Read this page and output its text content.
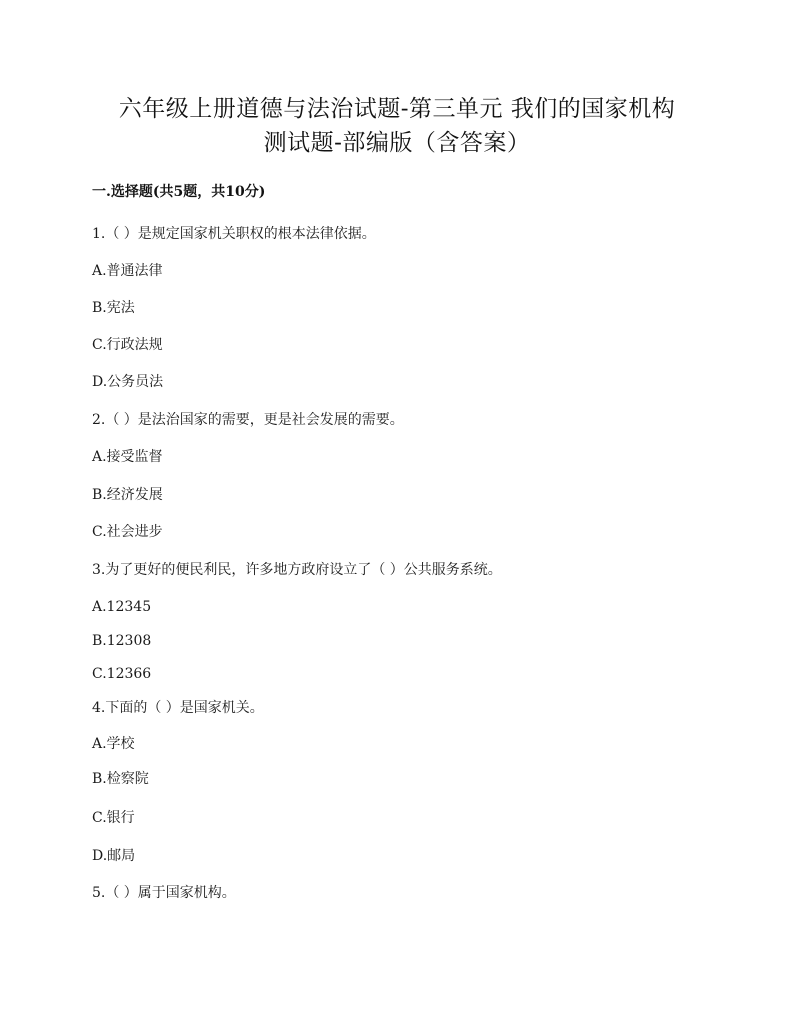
六年级上册道德与法治试题-第三单元 我们的国家机构
测试题-部编版（含答案）
一.选择题(共5题，共10分)
1.（ ）是规定国家机关职权的根本法律依据。
A.普通法律
B.宪法
C.行政法规
D.公务员法
2.（ ）是法治国家的需要，更是社会发展的需要。
A.接受监督
B.经济发展
C.社会进步
3.为了更好的便民利民，许多地方政府设立了（ ）公共服务系统。
A.12345
B.12308
C.12366
4.下面的（ ）是国家机关。
A.学校
B.检察院
C.银行
D.邮局
5.（ ）属于国家机构。
